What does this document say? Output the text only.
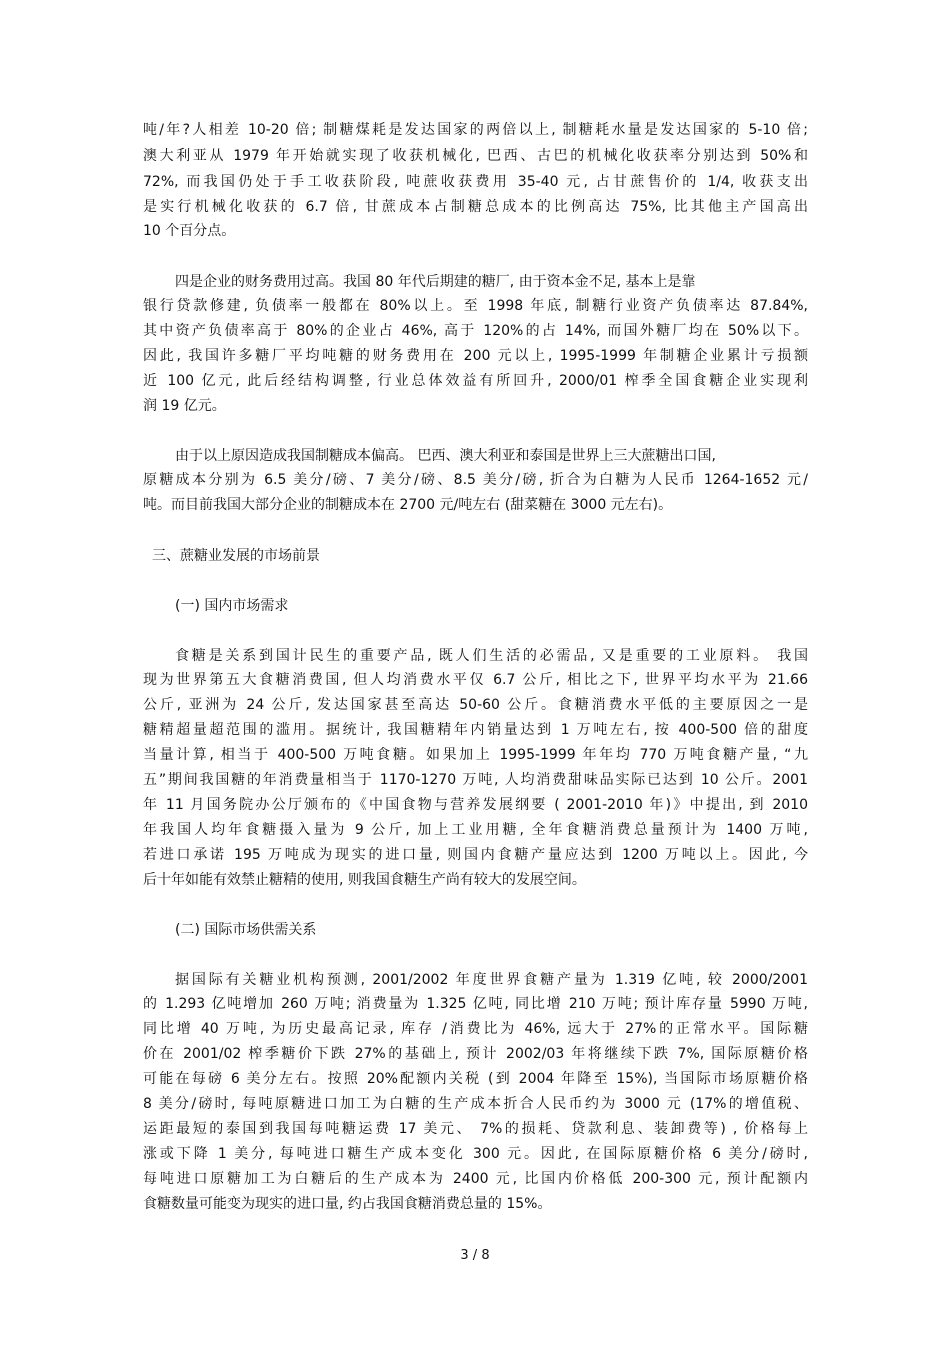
吨/年?人相差 10-20 倍; 制糖煤耗是发达国家的两倍以上, 制糖耗水量是发达国家的 5-10 倍;
澳大利亚从 1979 年开始就实现了收获机械化, 巴西、古巴的机械化收获率分别达到 50%和
72%, 而我国仍处于手工收获阶段, 吨蔗收获费用 35-40 元, 占甘蔗售价的 1/4, 收获支出
是实行机械化收获的 6.7 倍, 甘蔗成本占制糖总成本的比例高达 75%, 比其他主产国高出
10 个百分点。
四是企业的财务费用过高。我国 80 年代后期建的糖厂, 由于资本金不足, 基本上是靠
银行贷款修建, 负债率一般都在 80%以上。至 1998 年底, 制糖行业资产负债率达 87.84%,
其中资产负债率高于 80%的企业占 46%, 高于 120%的占 14%, 而国外糖厂均在 50%以下。
因此, 我国许多糖厂平均吨糖的财务费用在 200 元以上, 1995-1999 年制糖企业累计亏损额
近 100 亿元, 此后经结构调整, 行业总体效益有所回升, 2000/01 榨季全国食糖企业实现利
润 19 亿元。
由于以上原因造成我国制糖成本偏高。 巴西、澳大利亚和泰国是世界上三大蔗糖出口国,
原糖成本分别为 6.5 美分/磅、7 美分/磅、8.5 美分/磅, 折合为白糖为人民币 1264-1652 元/
吨。而目前我国大部分企业的制糖成本在 2700 元/吨左右 (甜菜糖在 3000 元左右)。
三、蔗糖业发展的市场前景
(一) 国内市场需求
食糖是关系到国计民生的重要产品, 既人们生活的必需品, 又是重要的工业原料。 我国
现为世界第五大食糖消费国, 但人均消费水平仅 6.7 公斤, 相比之下, 世界平均水平为 21.66
公斤, 亚洲为 24 公斤, 发达国家甚至高达 50-60 公斤。食糖消费水平低的主要原因之一是
糖精超量超范围的滥用。据统计, 我国糖精年内销量达到 1 万吨左右, 按 400-500 倍的甜度
当量计算, 相当于 400-500 万吨食糖。如果加上 1995-1999 年年均 770 万吨食糖产量, “九
五”期间我国糖的年消费量相当于 1170-1270 万吨, 人均消费甜味品实际已达到 10 公斤。2001
年 11 月国务院办公厅颁布的《中国食物与营养发展纲要 ( 2001-2010 年)》中提出, 到 2010
年我国人均年食糖摄入量为 9 公斤, 加上工业用糖, 全年食糖消费总量预计为 1400 万吨,
若进口承诺 195 万吨成为现实的进口量, 则国内食糖产量应达到 1200 万吨以上。因此, 今
后十年如能有效禁止糖精的使用, 则我国食糖生产尚有较大的发展空间。
(二) 国际市场供需关系
据国际有关糖业机构预测, 2001/2002 年度世界食糖产量为 1.319 亿吨, 较 2000/2001
的 1.293 亿吨增加 260 万吨; 消费量为 1.325 亿吨, 同比增 210 万吨; 预计库存量 5990 万吨,
同比增 40 万吨, 为历史最高记录, 库存 /消费比为 46%, 远大于 27%的正常水平。国际糖
价在 2001/02 榨季糖价下跌 27%的基础上, 预计 2002/03 年将继续下跌 7%, 国际原糖价格
可能在每磅 6 美分左右。按照 20%配额内关税 (到 2004 年降至 15%), 当国际市场原糖价格
8 美分/磅时, 每吨原糖进口加工为白糖的生产成本折合人民币约为 3000 元 (17%的增值税、
运距最短的泰国到我国每吨糖运费 17 美元、 7%的损耗、贷款利息、装卸费等) , 价格每上
涨或下降 1 美分, 每吨进口糖生产成本变化 300 元。因此, 在国际原糖价格 6 美分/磅时,
每吨进口原糖加工为白糖后的生产成本为 2400 元, 比国内价格低 200-300 元, 预计配额内
食糖数量可能变为现实的进口量, 约占我国食糖消费总量的 15%。
3 / 8
